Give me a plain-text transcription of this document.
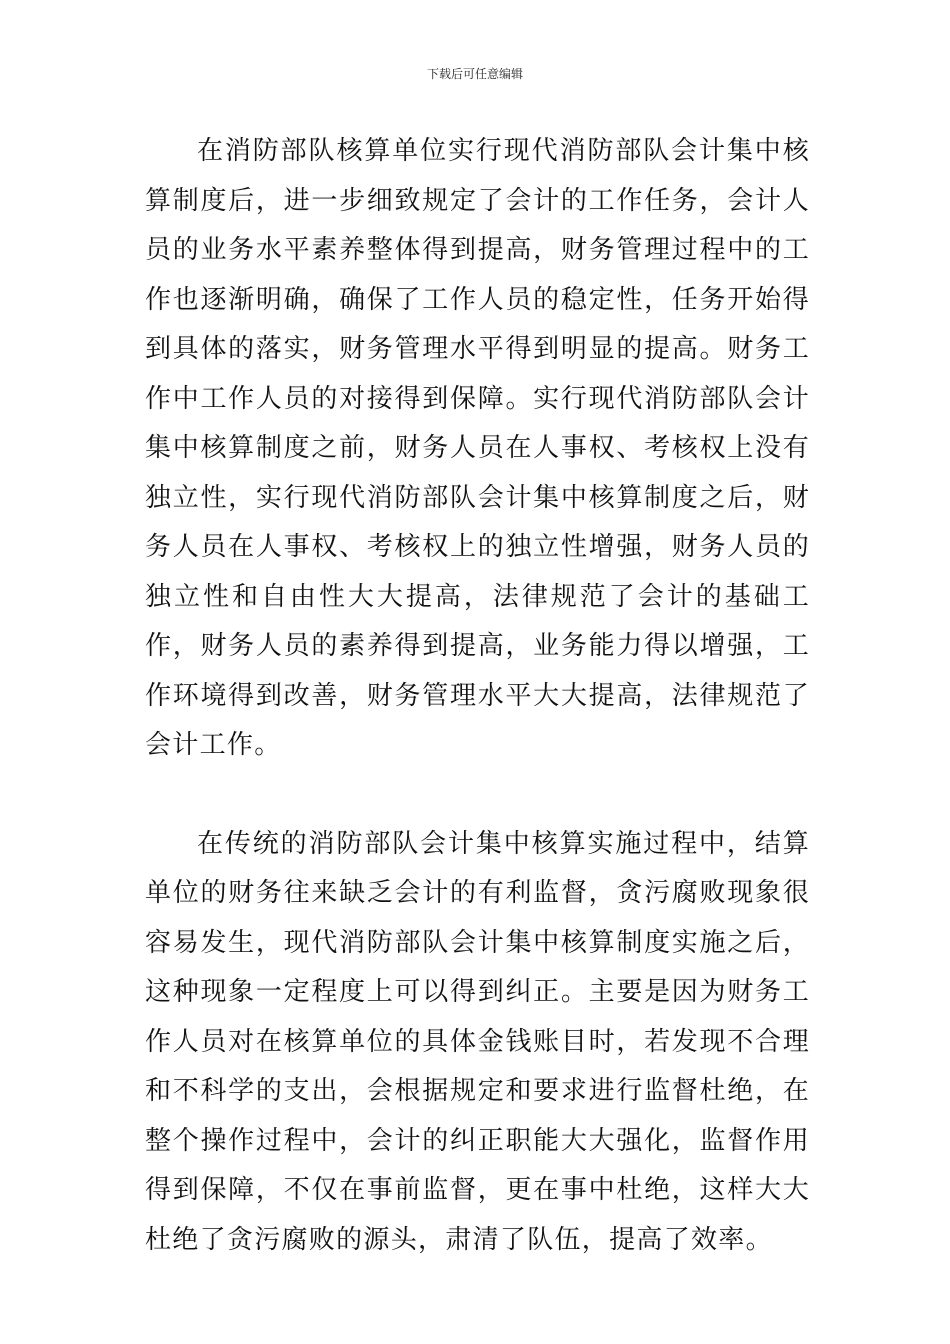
下载后可任意编辑

在消防部队核算单位实行现代消防部队会计集中核算制度后，进一步细致规定了会计的工作任务，会计人员的业务水平素养整体得到提高，财务管理过程中的工作也逐渐明确，确保了工作人员的稳定性，任务开始得到具体的落实，财务管理水平得到明显的提高。财务工作中工作人员的对接得到保障。实行现代消防部队会计集中核算制度之前，财务人员在人事权、考核权上没有独立性，实行现代消防部队会计集中核算制度之后，财务人员在人事权、考核权上的独立性增强，财务人员的独立性和自由性大大提高，法律规范了会计的基础工作，财务人员的素养得到提高，业务能力得以增强，工作环境得到改善，财务管理水平大大提高，法律规范了会计工作。

在传统的消防部队会计集中核算实施过程中，结算单位的财务往来缺乏会计的有利监督，贪污腐败现象很容易发生，现代消防部队会计集中核算制度实施之后，这种现象一定程度上可以得到纠正。主要是因为财务工作人员对在核算单位的具体金钱账目时，若发现不合理和不科学的支出，会根据规定和要求进行监督杜绝，在整个操作过程中，会计的纠正职能大大强化，监督作用得到保障，不仅在事前监督，更在事中杜绝，这样大大杜绝了贪污腐败的源头，肃清了队伍，提高了效率。
